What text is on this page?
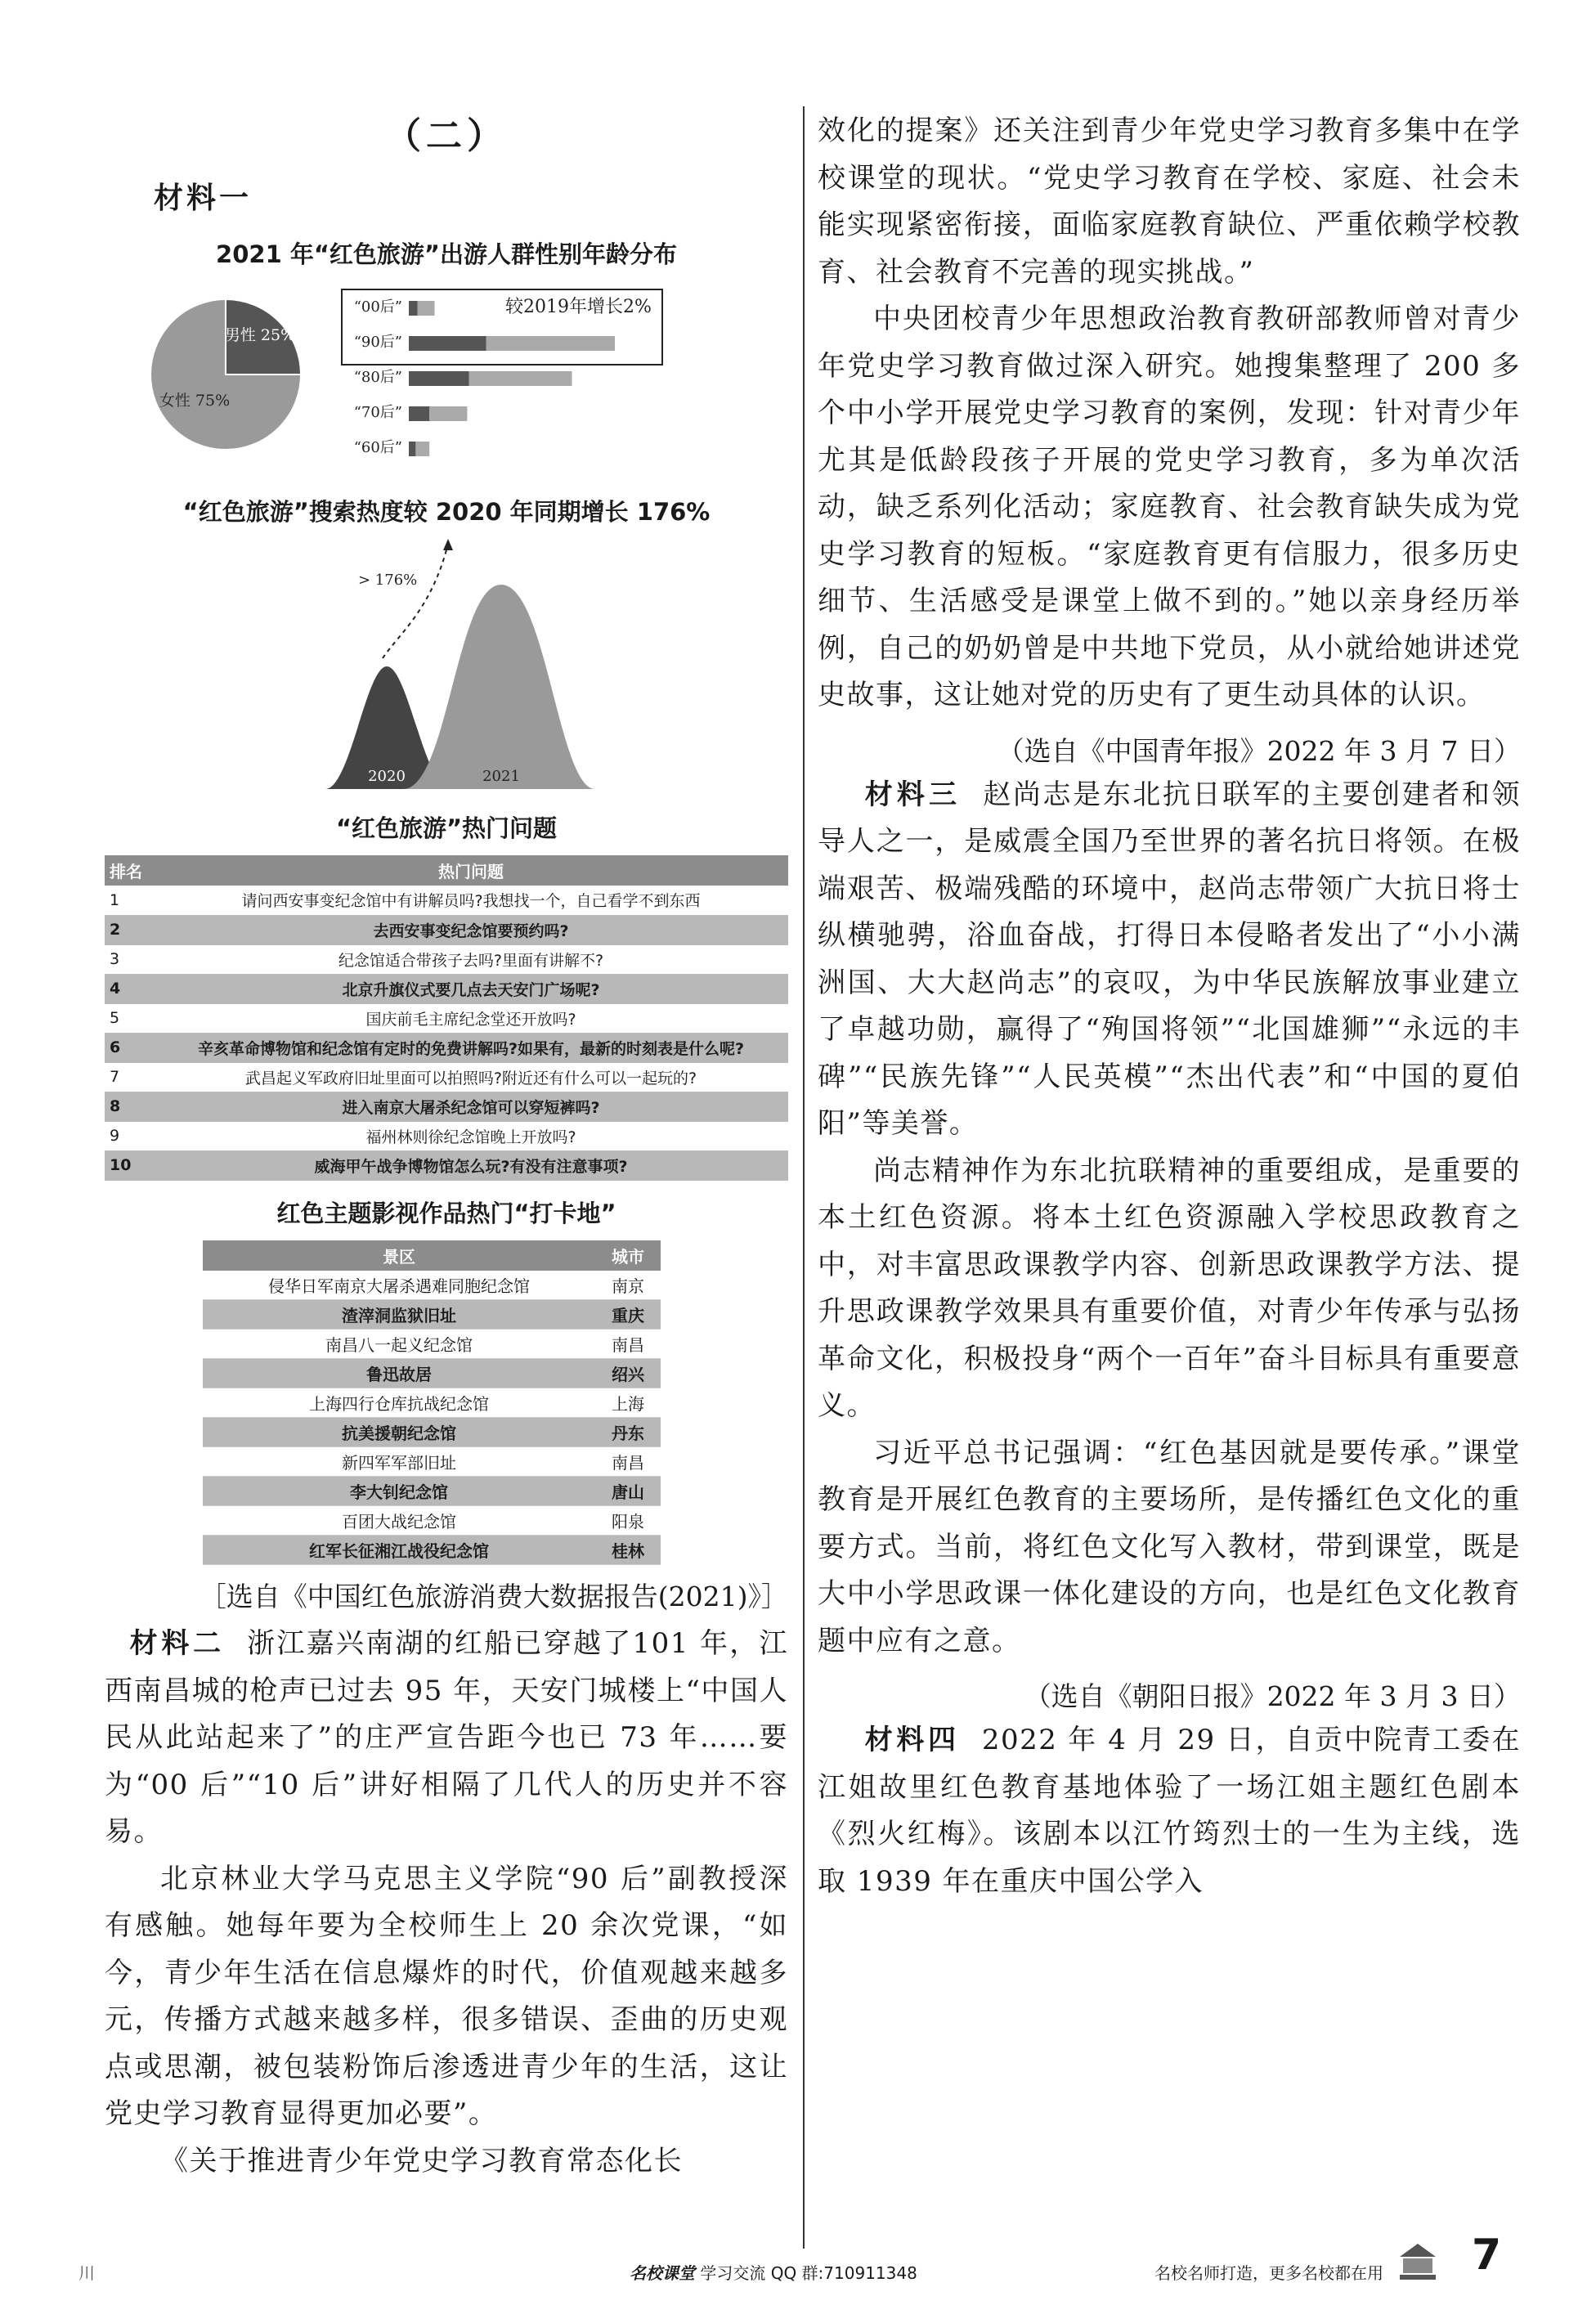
（二）
材料一
2021 年“红色旅游”出游人群性别年龄分布
男性 25%
女性 75%
较2019年增长2%
“00后”
“90后”
“80后”
“70后”
“60后”
“红色旅游”搜索热度较 2020 年同期增长 176%
> 176%
2020	2021
“红色旅游”热门问题
排名	热门问题
1	请问西安事变纪念馆中有讲解员吗?我想找一个，自己看学不到东西
2	去西安事变纪念馆要预约吗?
3	纪念馆适合带孩子去吗?里面有讲解不?
4	北京升旗仪式要几点去天安门广场呢?
5	国庆前毛主席纪念堂还开放吗?
6	辛亥革命博物馆和纪念馆有定时的免费讲解吗?如果有，最新的时刻表是什么呢?
7	武昌起义军政府旧址里面可以拍照吗?附近还有什么可以一起玩的?
8	进入南京大屠杀纪念馆可以穿短裤吗?
9	福州林则徐纪念馆晚上开放吗?
10	威海甲午战争博物馆怎么玩?有没有注意事项?
红色主题影视作品热门“打卡地”
景区	城市
侵华日军南京大屠杀遇难同胞纪念馆	南京
渣滓洞监狱旧址	重庆
南昌八一起义纪念馆	南昌
鲁迅故居	绍兴
上海四行仓库抗战纪念馆	上海
抗美援朝纪念馆	丹东
新四军军部旧址	南昌
李大钊纪念馆	唐山
百团大战纪念馆	阳泉
红军长征湘江战役纪念馆	桂林
［选自《中国红色旅游消费大数据报告(2021)》］

材料二 浙江嘉兴南湖的红船已穿越了101 年，江西南昌城的枪声已过去 95 年，天安门城楼上“中国人民从此站起来了”的庄严宣告距今也已 73 年……要为“00 后”“10 后”讲好相隔了几代人的历史并不容易。

北京林业大学马克思主义学院“90 后”副教授深有感触。她每年要为全校师生上 20 余次党课，“如今，青少年生活在信息爆炸的时代，价值观越来越多元，传播方式越来越多样，很多错误、歪曲的历史观点或思潮，被包装粉饰后渗透进青少年的生活，这让党史学习教育显得更加必要”。

《关于推进青少年党史学习教育常态化长

效化的提案》还关注到青少年党史学习教育多集中在学校课堂的现状。“党史学习教育在学校、家庭、社会未能实现紧密衔接，面临家庭教育缺位、严重依赖学校教育、社会教育不完善的现实挑战。”

中央团校青少年思想政治教育教研部教师曾对青少年党史学习教育做过深入研究。她搜集整理了 200 多个中小学开展党史学习教育的案例，发现：针对青少年尤其是低龄段孩子开展的党史学习教育，多为单次活动，缺乏系列化活动；家庭教育、社会教育缺失成为党史学习教育的短板。“家庭教育更有信服力，很多历史细节、生活感受是课堂上做不到的。”她以亲身经历举例，自己的奶奶曾是中共地下党员，从小就给她讲述党史故事，这让她对党的历史有了更生动具体的认识。

（选自《中国青年报》2022 年 3 月 7 日）

材料三 赵尚志是东北抗日联军的主要创建者和领导人之一，是威震全国乃至世界的著名抗日将领。在极端艰苦、极端残酷的环境中，赵尚志带领广大抗日将士纵横驰骋，浴血奋战，打得日本侵略者发出了“小小满洲国、大大赵尚志”的哀叹，为中华民族解放事业建立了卓越功勋，赢得了“殉国将领”“北国雄狮”“永远的丰碑”“民族先锋”“人民英模”“杰出代表”和“中国的夏伯阳”等美誉。

尚志精神作为东北抗联精神的重要组成，是重要的本土红色资源。将本土红色资源融入学校思政教育之中，对丰富思政课教学内容、创新思政课教学方法、提升思政课教学效果具有重要价值，对青少年传承与弘扬革命文化，积极投身“两个一百年”奋斗目标具有重要意义。

习近平总书记强调：“红色基因就是要传承。”课堂教育是开展红色教育的主要场所，是传播红色文化的重要方式。当前，将红色文化写入教材，带到课堂，既是大中小学思政课一体化建设的方向，也是红色文化教育题中应有之意。

（选自《朝阳日报》2022 年 3 月 3 日）

材料四 2022 年 4 月 29 日，自贡中院青工委在江姐故里红色教育基地体验了一场江姐主题红色剧本《烈火红梅》。该剧本以江竹筠烈士的一生为主线，选取 1939 年在重庆中国公学入

川	名校课堂 学习交流 QQ 群:710911348	名校名师打造，更多名校都在用 7
